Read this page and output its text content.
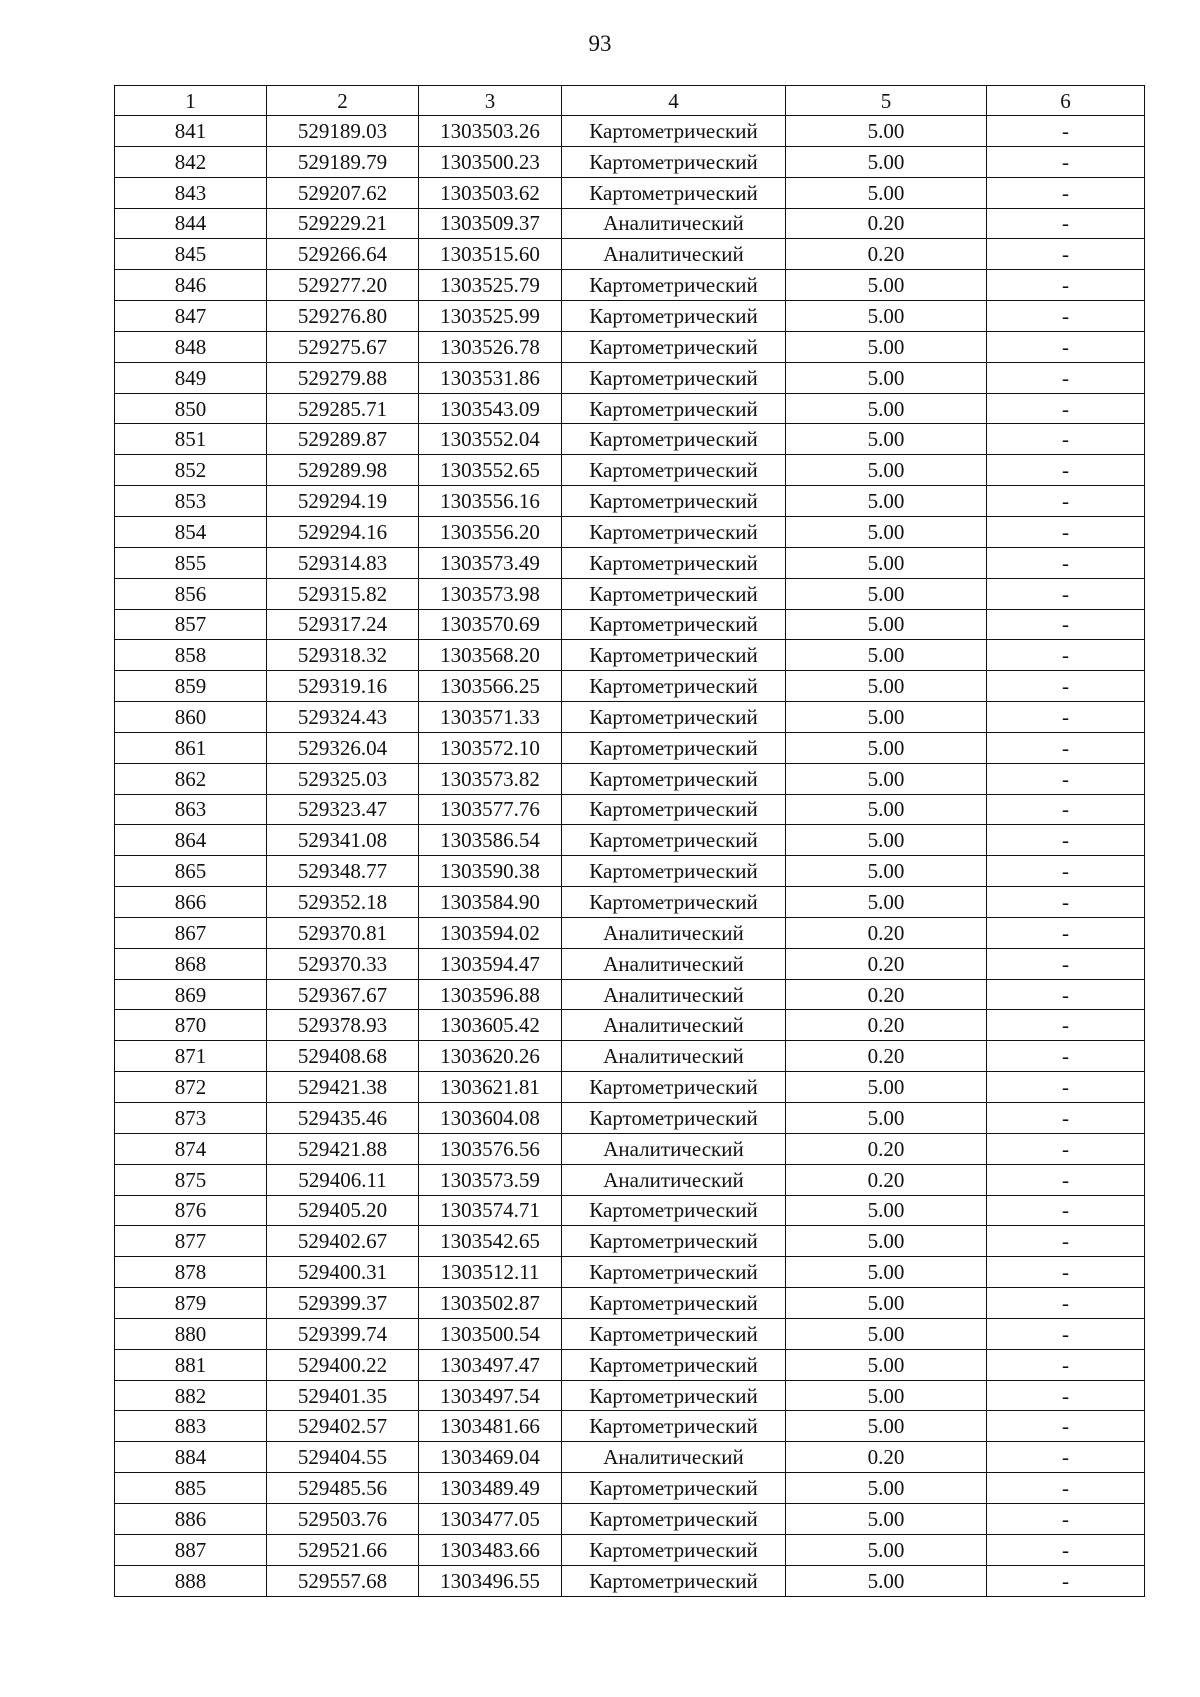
93
1	2	3	4	5	6
841	529189.03	1303503.26	Картометрический	5.00	-
842	529189.79	1303500.23	Картометрический	5.00	-
843	529207.62	1303503.62	Картометрический	5.00	-
844	529229.21	1303509.37	Аналитический	0.20	-
845	529266.64	1303515.60	Аналитический	0.20	-
846	529277.20	1303525.79	Картометрический	5.00	-
847	529276.80	1303525.99	Картометрический	5.00	-
848	529275.67	1303526.78	Картометрический	5.00	-
849	529279.88	1303531.86	Картометрический	5.00	-
850	529285.71	1303543.09	Картометрический	5.00	-
851	529289.87	1303552.04	Картометрический	5.00	-
852	529289.98	1303552.65	Картометрический	5.00	-
853	529294.19	1303556.16	Картометрический	5.00	-
854	529294.16	1303556.20	Картометрический	5.00	-
855	529314.83	1303573.49	Картометрический	5.00	-
856	529315.82	1303573.98	Картометрический	5.00	-
857	529317.24	1303570.69	Картометрический	5.00	-
858	529318.32	1303568.20	Картометрический	5.00	-
859	529319.16	1303566.25	Картометрический	5.00	-
860	529324.43	1303571.33	Картометрический	5.00	-
861	529326.04	1303572.10	Картометрический	5.00	-
862	529325.03	1303573.82	Картометрический	5.00	-
863	529323.47	1303577.76	Картометрический	5.00	-
864	529341.08	1303586.54	Картометрический	5.00	-
865	529348.77	1303590.38	Картометрический	5.00	-
866	529352.18	1303584.90	Картометрический	5.00	-
867	529370.81	1303594.02	Аналитический	0.20	-
868	529370.33	1303594.47	Аналитический	0.20	-
869	529367.67	1303596.88	Аналитический	0.20	-
870	529378.93	1303605.42	Аналитический	0.20	-
871	529408.68	1303620.26	Аналитический	0.20	-
872	529421.38	1303621.81	Картометрический	5.00	-
873	529435.46	1303604.08	Картометрический	5.00	-
874	529421.88	1303576.56	Аналитический	0.20	-
875	529406.11	1303573.59	Аналитический	0.20	-
876	529405.20	1303574.71	Картометрический	5.00	-
877	529402.67	1303542.65	Картометрический	5.00	-
878	529400.31	1303512.11	Картометрический	5.00	-
879	529399.37	1303502.87	Картометрический	5.00	-
880	529399.74	1303500.54	Картометрический	5.00	-
881	529400.22	1303497.47	Картометрический	5.00	-
882	529401.35	1303497.54	Картометрический	5.00	-
883	529402.57	1303481.66	Картометрический	5.00	-
884	529404.55	1303469.04	Аналитический	0.20	-
885	529485.56	1303489.49	Картометрический	5.00	-
886	529503.76	1303477.05	Картометрический	5.00	-
887	529521.66	1303483.66	Картометрический	5.00	-
888	529557.68	1303496.55	Картометрический	5.00	-
